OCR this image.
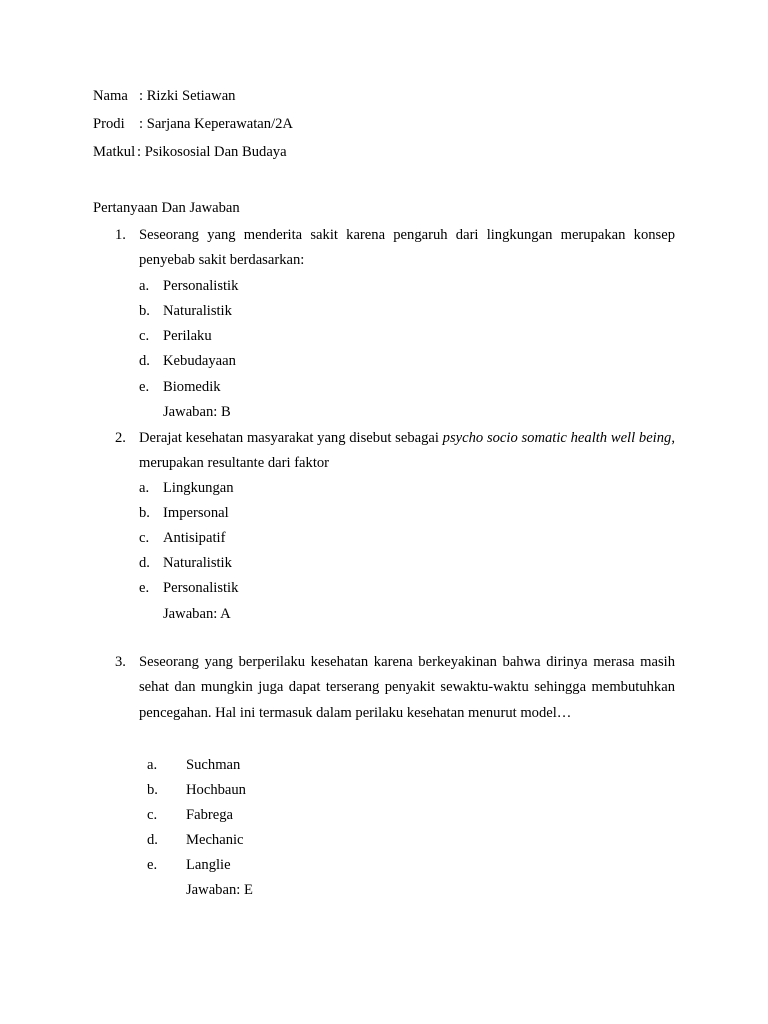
Nama : Rizki Setiawan
Prodi : Sarjana Keperawatan/2A
Matkul : Psikososial Dan Budaya
Pertanyaan Dan Jawaban
1. Seseorang yang menderita sakit karena pengaruh dari lingkungan merupakan konsep penyebab sakit berdasarkan:
a. Personalistik
b. Naturalistik
c. Perilaku
d. Kebudayaan
e. Biomedik
Jawaban: B
2. Derajat kesehatan masyarakat yang disebut sebagai psycho socio somatic health well being, merupakan resultante dari faktor
a. Lingkungan
b. Impersonal
c. Antisipatif
d. Naturalistik
e. Personalistik
Jawaban: A
3. Seseorang yang berperilaku kesehatan karena berkeyakinan bahwa dirinya merasa masih sehat dan mungkin juga dapat terserang penyakit sewaktu-waktu sehingga membutuhkan pencegahan. Hal ini termasuk dalam perilaku kesehatan menurut model…
a. Suchman
b. Hochbaun
c. Fabrega
d. Mechanic
e. Langlie
Jawaban: E
